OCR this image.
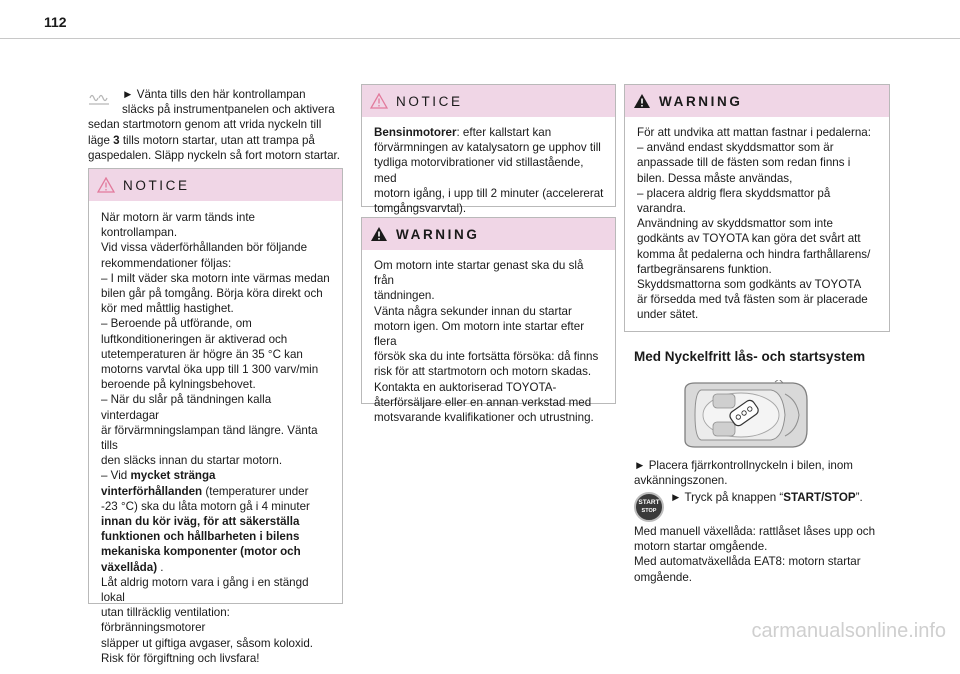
112

► Vänta tills den här kontrollampan

släcks på instrumentpanelen och aktivera

sedan startmotorn genom att vrida nyckeln till

läge 3 tills motorn startar, utan att trampa på

gaspedalen. Släpp nyckeln så fort motorn startar.

NOTICE

När motorn är varm tänds inte kontrollampan.

Vid vissa väderförhållanden bör följande

rekommendationer följas:

– I milt väder ska motorn inte värmas medan

bilen går på tomgång. Börja köra direkt och

kör med måttlig hastighet.

– Beroende på utförande, om

luftkonditioneringen är aktiverad och

utetemperaturen är högre än 35 °C kan

motorns varvtal öka upp till 1 300 varv/min

beroende på kylningsbehovet.

– När du slår på tändningen kalla vinterdagar

är förvärmningslampan tänd längre. Vänta tills

den släcks innan du startar motorn.

– Vid mycket stränga

vinterförhållanden (temperaturer under

-23 °C) ska du låta motorn gå i 4 minuter

innan du kör iväg, för att säkerställa

funktionen och hållbarheten i bilens

mekaniska komponenter (motor och

växellåda) .

Låt aldrig motorn vara i gång i en stängd lokal

utan tillräcklig ventilation: förbränningsmotorer

släpper ut giftiga avgaser, såsom koloxid.

Risk för förgiftning och livsfara!

NOTICE

Bensinmotorer: efter kallstart kan

förvärmningen av katalysatorn ge upphov till

tydliga motorvibrationer vid stillastående, med

motorn igång, i upp till 2 minuter (accelererat

tomgångsvarvtal).

WARNING

Om motorn inte startar genast ska du slå från

tändningen.

Vänta några sekunder innan du startar

motorn igen. Om motorn inte startar efter flera

försök ska du inte fortsätta försöka: då finns

risk för att startmotorn och motorn skadas.

Kontakta en auktoriserad TOYOTA-

återförsäljare eller en annan verkstad med

motsvarande kvalifikationer och utrustning.

WARNING

För att undvika att mattan fastnar i pedalerna:

– använd endast skyddsmattor som är

anpassade till de fästen som redan finns i

bilen. Dessa måste användas,

– placera aldrig flera skyddsmattor på

varandra.

Användning av skyddsmattor som inte

godkänts av TOYOTA kan göra det svårt att

komma åt pedalerna och hindra farthållarens/

fartbegränsarens funktion.

Skyddsmattorna som godkänts av TOYOTA

är försedda med två fästen som är placerade

under sätet.

Med Nyckelfritt lås- och startsystem

► Placera fjärrkontrollnyckeln i bilen, inom

avkänningszonen.

START
STOP

► Tryck på knappen “START/STOP”.

Med manuell växellåda: rattlåset låses upp och

motorn startar omgående.

Med automatväxellåda EAT8: motorn startar

omgående.

carmanualsonline.info
